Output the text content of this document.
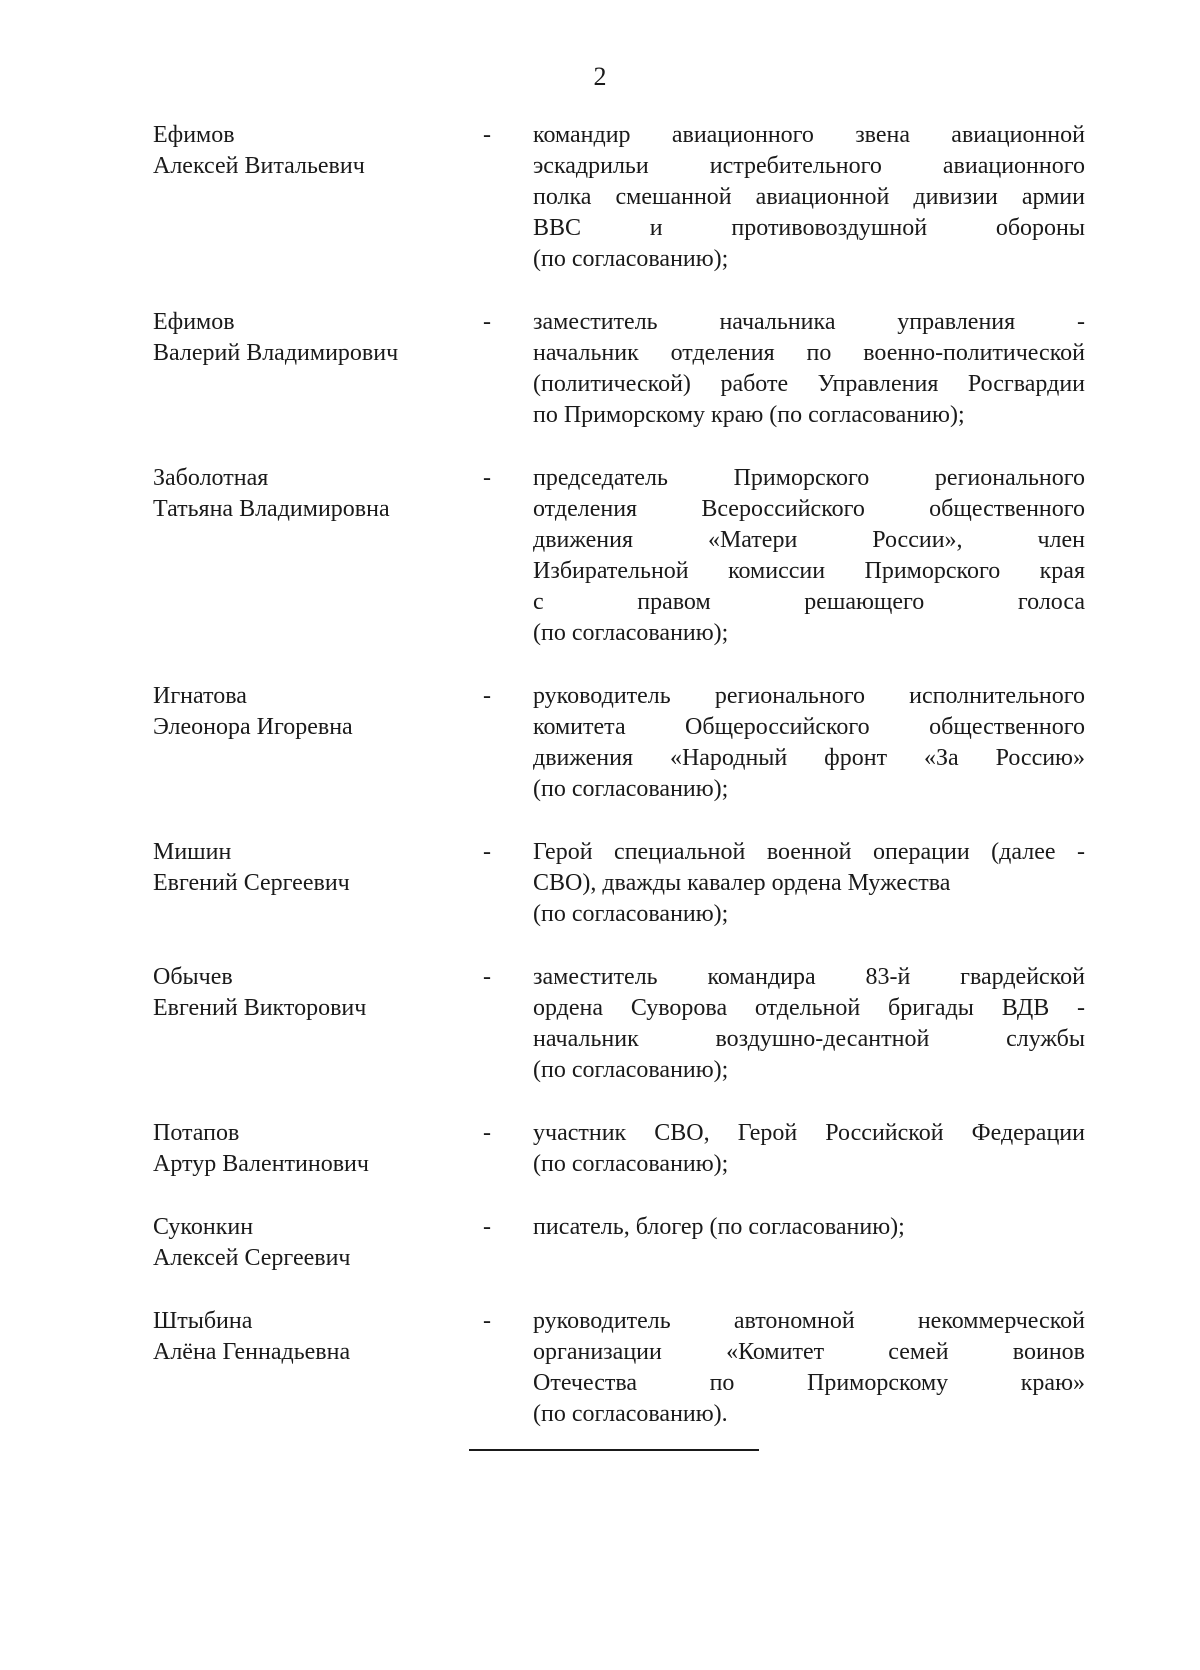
2
Ефимов
Алексей Витальевич
-	командир авиационного звена авиационной
эскадрильи истребительного авиационного
полка смешанной авиационной дивизии армии
ВВС и противовоздушной обороны
(по согласованию);
Ефимов
Валерий Владимирович
-	заместитель начальника управления -
начальник отделения по военно-политической
(политической) работе Управления Росгвардии
по Приморскому краю (по согласованию);
Заболотная
Татьяна Владимировна
-	председатель Приморского регионального
отделения Всероссийского общественного
движения «Матери России», член
Избирательной комиссии Приморского края
с правом решающего голоса
(по согласованию);
Игнатова
Элеонора Игоревна
-	руководитель регионального исполнительного
комитета Общероссийского общественного
движения «Народный фронт «За Россию»
(по согласованию);
Мишин
Евгений Сергеевич
-	Герой специальной военной операции (далее -
СВО), дважды кавалер ордена Мужества
(по согласованию);
Обычев
Евгений Викторович
-	заместитель командира 83-й гвардейской
ордена Суворова отдельной бригады ВДВ -
начальник воздушно-десантной службы
(по согласованию);
Потапов
Артур Валентинович
-	участник СВО, Герой Российской Федерации
(по согласованию);
Суконкин
Алексей Сергеевич
-	писатель, блогер (по согласованию);
Штыбина
Алёна Геннадьевна
-	руководитель автономной некоммерческой
организации «Комитет семей воинов
Отечества по Приморскому краю»
(по согласованию).
